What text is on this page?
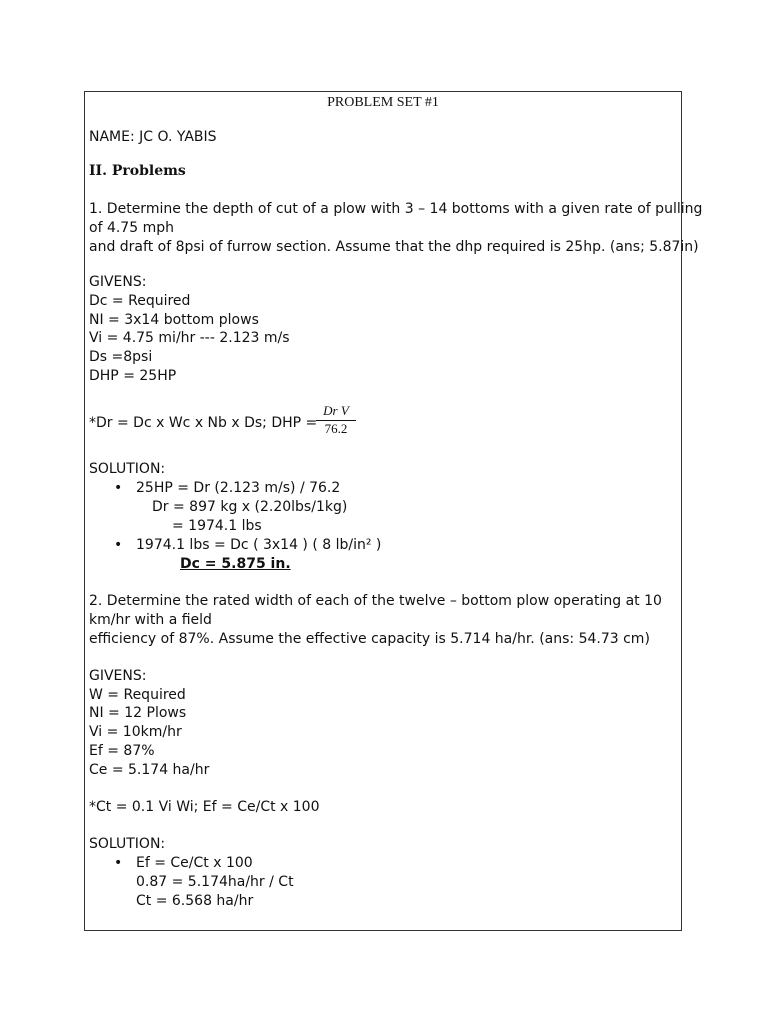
PROBLEM SET #1
NAME: JC O. YABIS
II. Problems
1. Determine the depth of cut of a plow with 3 – 14 bottoms with a given rate of pulling
of 4.75 mph
and draft of 8psi of furrow section. Assume that the dhp required is 25hp. (ans; 5.87in)
GIVENS:
Dc = Required
NI = 3x14 bottom plows
Vi = 4.75 mi/hr --- 2.123 m/s
Ds =8psi
DHP = 25HP
*Dr = Dc x Wc x Nb x Ds; DHP =
$\frac{\text{Dr V}}{76.2}$
SOLUTION:
• 25HP = Dr (2.123 m/s) / 76.2
Dr = 897 kg x (2.20lbs/1kg)
= 1974.1 lbs
• 1974.1 lbs = Dc ( 3x14 ) ( 8 lb/in² )
Dc = 5.875 in.
2. Determine the rated width of each of the twelve – bottom plow operating at 10
km/hr with a field
efficiency of 87%. Assume the effective capacity is 5.714 ha/hr. (ans: 54.73 cm)
GIVENS:
W = Required
NI = 12 Plows
Vi = 10km/hr
Ef = 87%
Ce = 5.174 ha/hr
*Ct = 0.1 Vi Wi; Ef = Ce/Ct x 100
SOLUTION:
• Ef = Ce/Ct x 100
0.87 = 5.174ha/hr / Ct
Ct = 6.568 ha/hr
